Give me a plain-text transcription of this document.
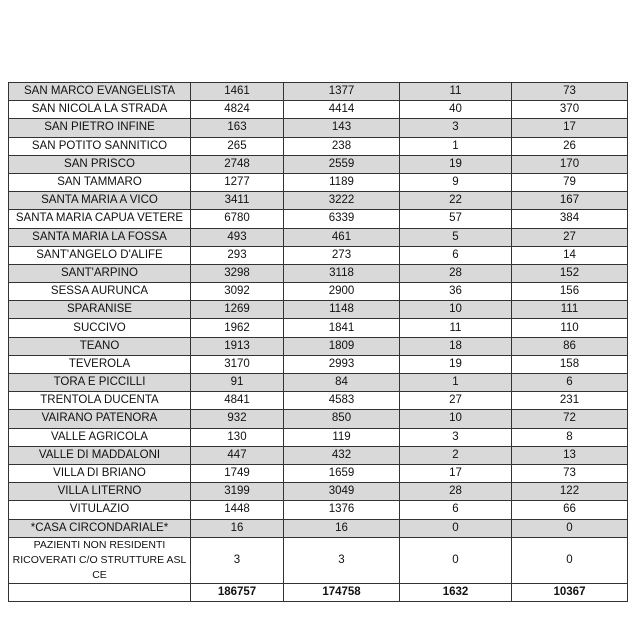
SAN MARCO EVANGELISTA	1461	1377	11	73
SAN NICOLA LA STRADA	4824	4414	40	370
SAN PIETRO INFINE	163	143	3	17
SAN POTITO SANNITICO	265	238	1	26
SAN PRISCO	2748	2559	19	170
SAN TAMMARO	1277	1189	9	79
SANTA MARIA A VICO	3411	3222	22	167
SANTA MARIA CAPUA VETERE	6780	6339	57	384
SANTA MARIA LA FOSSA	493	461	5	27
SANT'ANGELO D'ALIFE	293	273	6	14
SANT'ARPINO	3298	3118	28	152
SESSA AURUNCA	3092	2900	36	156
SPARANISE	1269	1148	10	111
SUCCIVO	1962	1841	11	110
TEANO	1913	1809	18	86
TEVEROLA	3170	2993	19	158
TORA E PICCILLI	91	84	1	6
TRENTOLA DUCENTA	4841	4583	27	231
VAIRANO PATENORA	932	850	10	72
VALLE AGRICOLA	130	119	3	8
VALLE DI MADDALONI	447	432	2	13
VILLA DI BRIANO	1749	1659	17	73
VILLA LITERNO	3199	3049	28	122
VITULAZIO	1448	1376	6	66
*CASA CIRCONDARIALE*	16	16	0	0
PAZIENTI NON RESIDENTI RICOVERATI C/O STRUTTURE ASL CE	3	3	0	0
	186757	174758	1632	10367
